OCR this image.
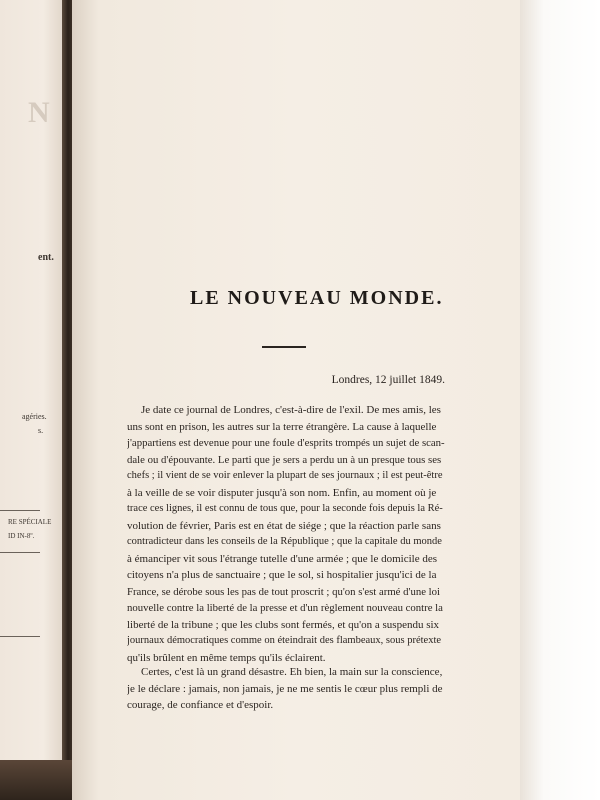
N
ent.
agéries.
s.
RE SPÉCIALE
ID IN-8º.
LE NOUVEAU MONDE.
Londres, 12 juillet 1849.
Je date ce journal de Londres, c'est-à-dire de l'exil. De mes amis, les
uns sont en prison, les autres sur la terre étrangère. La cause à laquelle
j'appartiens est devenue pour une foule d'esprits trompés un sujet de scan-
dale ou d'épouvante. Le parti que je sers a perdu un à un presque tous ses
chefs ; il vient de se voir enlever la plupart de ses journaux ; il est peut-être
à la veille de se voir disputer jusqu'à son nom. Enfin, au moment où je
trace ces lignes, il est connu de tous que, pour la seconde fois depuis la Ré-
volution de février, Paris est en état de siége ; que la réaction parle sans
contradicteur dans les conseils de la République ; que la capitale du monde
à émanciper vit sous l'étrange tutelle d'une armée ; que le domicile des
citoyens n'a plus de sanctuaire ; que le sol, si hospitalier jusqu'ici de la
France, se dérobe sous les pas de tout proscrit ; qu'on s'est armé d'une loi
nouvelle contre la liberté de la presse et d'un règlement nouveau contre la
liberté de la tribune ; que les clubs sont fermés, et qu'on a suspendu six
journaux démocratiques comme on éteindrait des flambeaux, sous prétexte
qu'ils brûlent en même temps qu'ils éclairent.
Certes, c'est là un grand désastre. Eh bien, la main sur la conscience,
je le déclare : jamais, non jamais, je ne me sentis le cœur plus rempli de
courage, de confiance et d'espoir.
